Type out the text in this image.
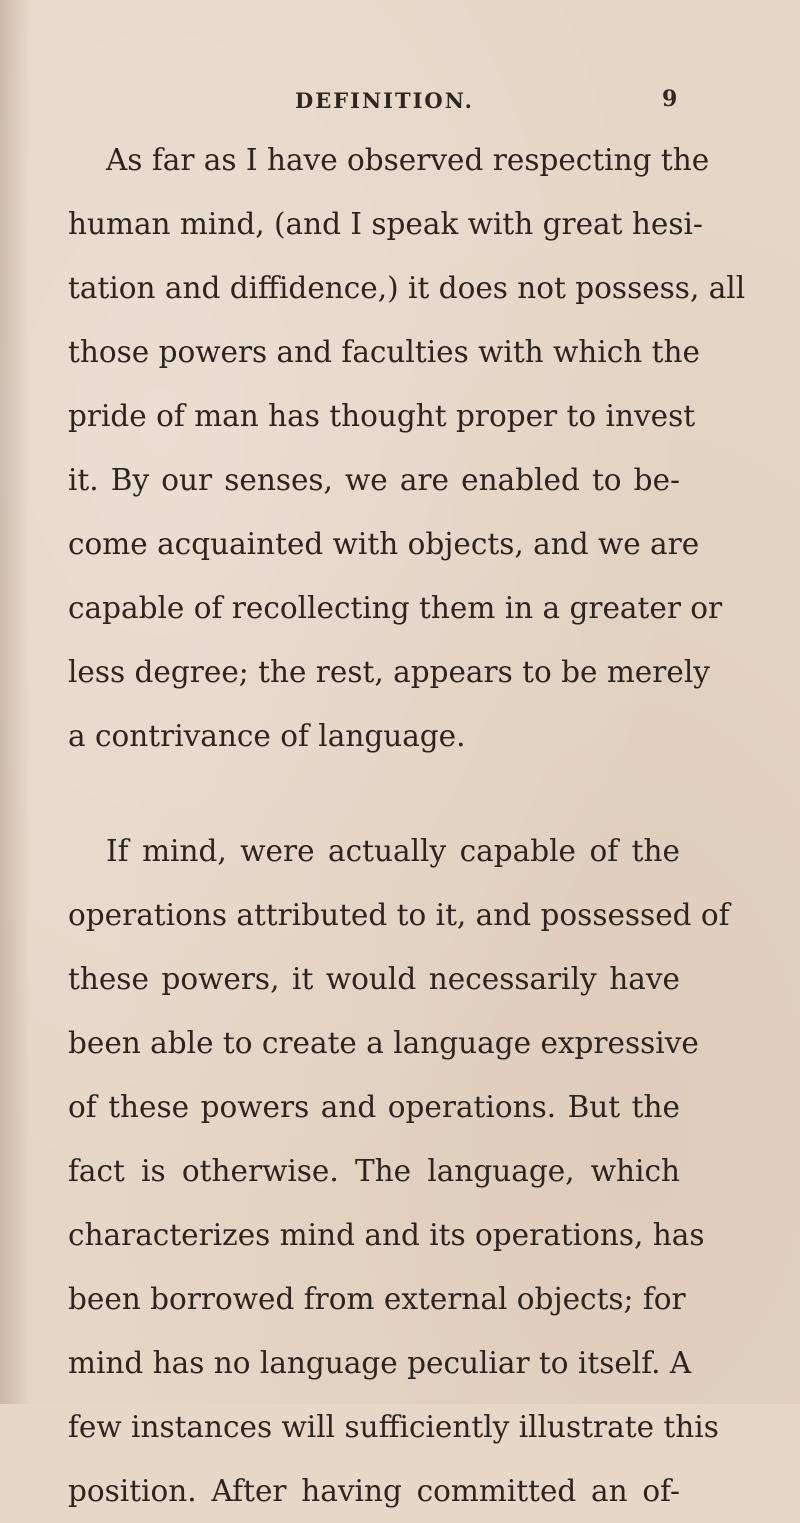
DEFINITION.	9
As far as I have observed respecting the
human mind, (and I speak with great hesi-
tation and diffidence,) it does not possess, all
those powers and faculties with which the
pride of man has thought proper to invest
it. By our senses, we are enabled to be-
come acquainted with objects, and we are
capable of recollecting them in a greater or
less degree; the rest, appears to be merely
a contrivance of language.
If mind, were actually capable of the
operations attributed to it, and possessed of
these powers, it would necessarily have
been able to create a language expressive
of these powers and operations. But the
fact is otherwise. The language, which
characterizes mind and its operations, has
been borrowed from external objects; for
mind has no language peculiar to itself. A
few instances will sufficiently illustrate this
position. After having committed an of-
